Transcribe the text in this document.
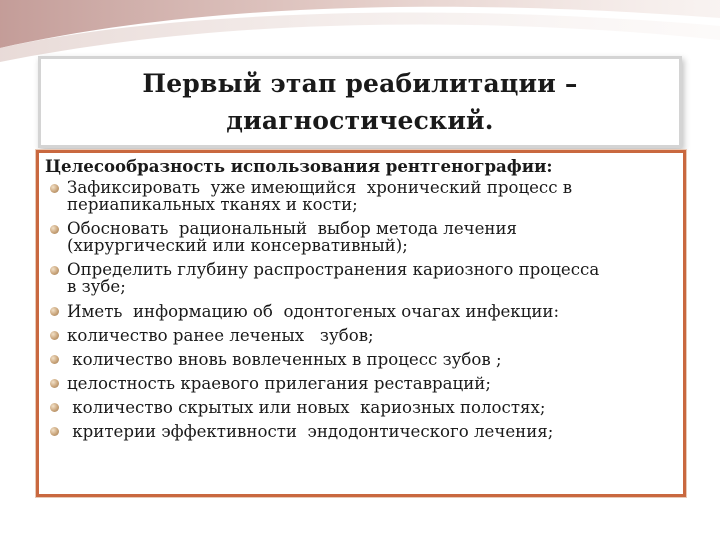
Первый этап реабилитации –
диагностический.

Целесообразность использования рентгенографии:

Зафиксировать  уже имеющийся  хронический процесс в
периапикальных тканях и кости;
Обосновать  рациональный  выбор метода лечения
(хирургический или консервативный);
Определить глубину распространения кариозного процесса
в зубе;
Иметь  информацию об  одонтогеных очагах инфекции:
количество ранее леченых   зубов;
количество вновь вовлеченных в процесс зубов ;
целостность краевого прилегания реставраций;
количество скрытых или новых  кариозных полостях;
критерии эффективности  эндодонтического лечения;
